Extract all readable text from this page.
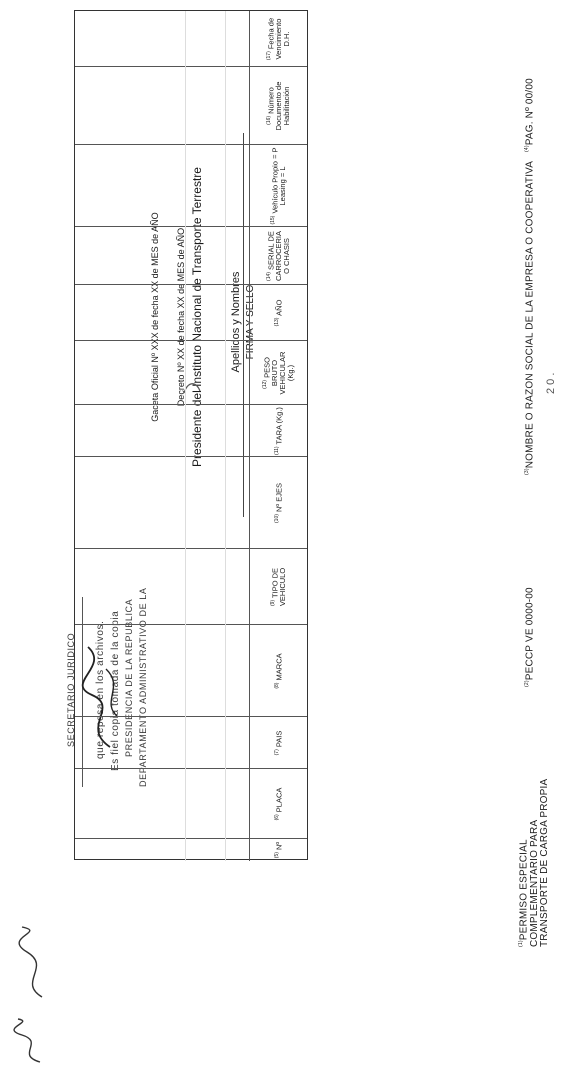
$^{(1)}$PERMISO ESPECIAL
COMPLEMENTARIO PARA
TRANSPORTE DE CARGA PROPIA
$^{(2)}$PECCP VE 0000-00
$^{(3)}$NOMBRE O RAZON SOCIAL DE LA EMPRESA O COOPERATIVA
$^{(4)}$PAG. Nº 00/00
2 0 .
FIRMA Y SELLO
Apellidos y Nombres
Presidente del Instituto Nacional de Transporte Terrestre
Decreto Nº XX de fecha XX de MES de AÑO
Gaceta Oficial Nº XXX de fecha XX de MES de AÑO
DEPARTAMENTO ADMINISTRATIVO DE LA
PRESIDENCIA DE LA REPUBLICA
Es fiel copia tomada de la copia
que reposa en los archivos.
SECRETARIO JURIDICO
$^{(17)}$ Fecha de Vencimiento D.H.
$^{(16)}$ Número Documento de Habilitación
$^{(15)}$ Vehículo Propio = P Leasing = L
$^{(14)}$ SERIAL DE CARROCERIA O CHASIS
$^{(13)}$ AÑO
$^{(12)}$ PESO BRUTO VEHICULAR (Kg.)
$^{(11)}$ TARA (Kg.)
$^{(10)}$ Nº EJES
$^{(9)}$ TIPO DE VEHICULO
$^{(8)}$ MARCA
$^{(7)}$ PAIS
$^{(6)}$ PLACA
$^{(5)}$ Nº
